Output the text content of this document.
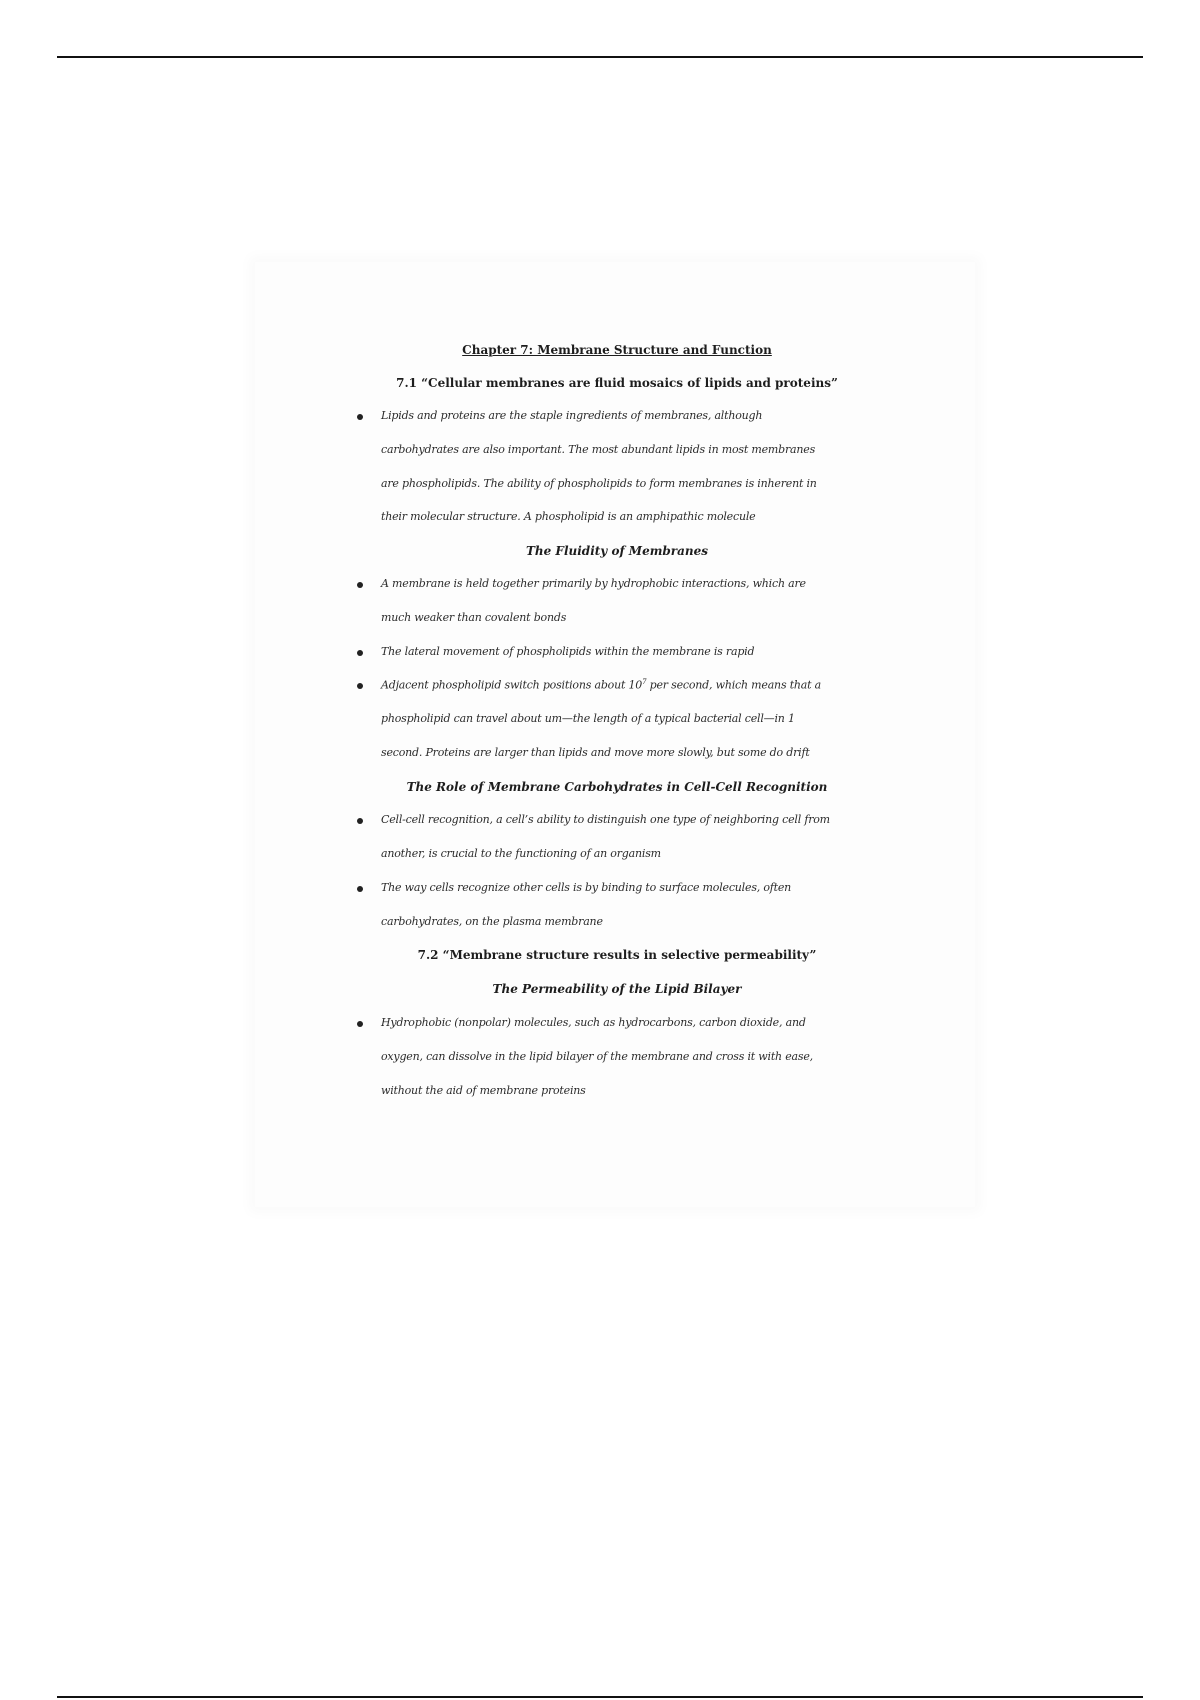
Chapter 7: Membrane Structure and Function
7.1 “Cellular membranes are fluid mosaics of lipids and proteins”
Lipids and proteins are the staple ingredients of membranes, although
carbohydrates are also important. The most abundant lipids in most membranes
are phospholipids. The ability of phospholipids to form membranes is inherent in
their molecular structure. A phospholipid is an amphipathic molecule
The Fluidity of Membranes
A membrane is held together primarily by hydrophobic interactions, which are
much weaker than covalent bonds
The lateral movement of phospholipids within the membrane is rapid
Adjacent phospholipid switch positions about $10^7$ per second, which means that a
phospholipid can travel about um—the length of a typical bacterial cell—in 1
second. Proteins are larger than lipids and move more slowly, but some do drift
The Role of Membrane Carbohydrates in Cell-Cell Recognition
Cell-cell recognition, a cell’s ability to distinguish one type of neighboring cell from
another, is crucial to the functioning of an organism
The way cells recognize other cells is by binding to surface molecules, often
carbohydrates, on the plasma membrane
7.2 “Membrane structure results in selective permeability”
The Permeability of the Lipid Bilayer
Hydrophobic (nonpolar) molecules, such as hydrocarbons, carbon dioxide, and
oxygen, can dissolve in the lipid bilayer of the membrane and cross it with ease,
without the aid of membrane proteins
